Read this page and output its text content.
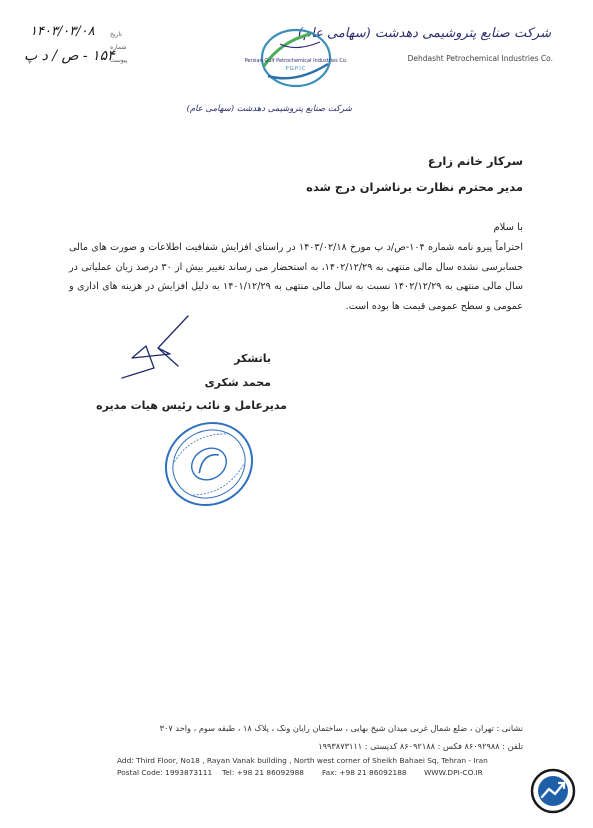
شرکت صنایع پتروشیمی دهدشت (سهامی عام)
Dehdasht Petrochemical Industries Co.
Persian Gulf Petrochemical Industries Co.
PGPIC
شرکت صنایع پتروشیمی دهدشت (سهامی عام)
تاریخ
۱۴۰۳/۰۳/۰۸
شماره
۱۵۴ - ص / د پ
پیوست
سرکار خانم زارع
مدیر محترم نظارت برناشران درج شده
با سلام
احتراماً پیرو نامه شماره ۱۰۴-ص/د پ مورخ ۱۴۰۳/۰۲/۱۸ در راستای افزایش شفافیت اطلاعات و صورت های مالی حسابرسی نشده سال مالی منتهی به ۱۴۰۲/۱۲/۲۹، به استحضار می رساند تغییر بیش از ۳۰ درصد زیان عملیاتی در سال مالی منتهی به ۱۴۰۲/۱۲/۲۹ نسبت به سال مالی منتهی به ۱۴۰۱/۱۲/۲۹ به دلیل افزایش در هزینه های اداری و عمومی و سطح عمومی قیمت ها بوده است.
باتشکر
محمد شکری
مدیرعامل و نائب رئیس هیات مدیره
نشانی : تهران ، ضلع شمال غربی میدان شیخ بهایی ، ساختمان رایان ونک ، پلاک ۱۸ ، طبقه سوم ، واحد ۳۰۷
تلفن : ۸۶۰۹۲۹۸۸ فکس : ۸۶۰۹۲۱۸۸ کدپستی : ۱۹۹۳۸۷۳۱۱۱
Add: Third Floor, No18 , Rayan Vanak building , North west corner of Sheikh Bahaei Sq, Tehran - Iran
Postal Code: 1993873111 Tel: +98 21 86092988 Fax: +98 21 86092188 WWW.DPI-CO.IR
